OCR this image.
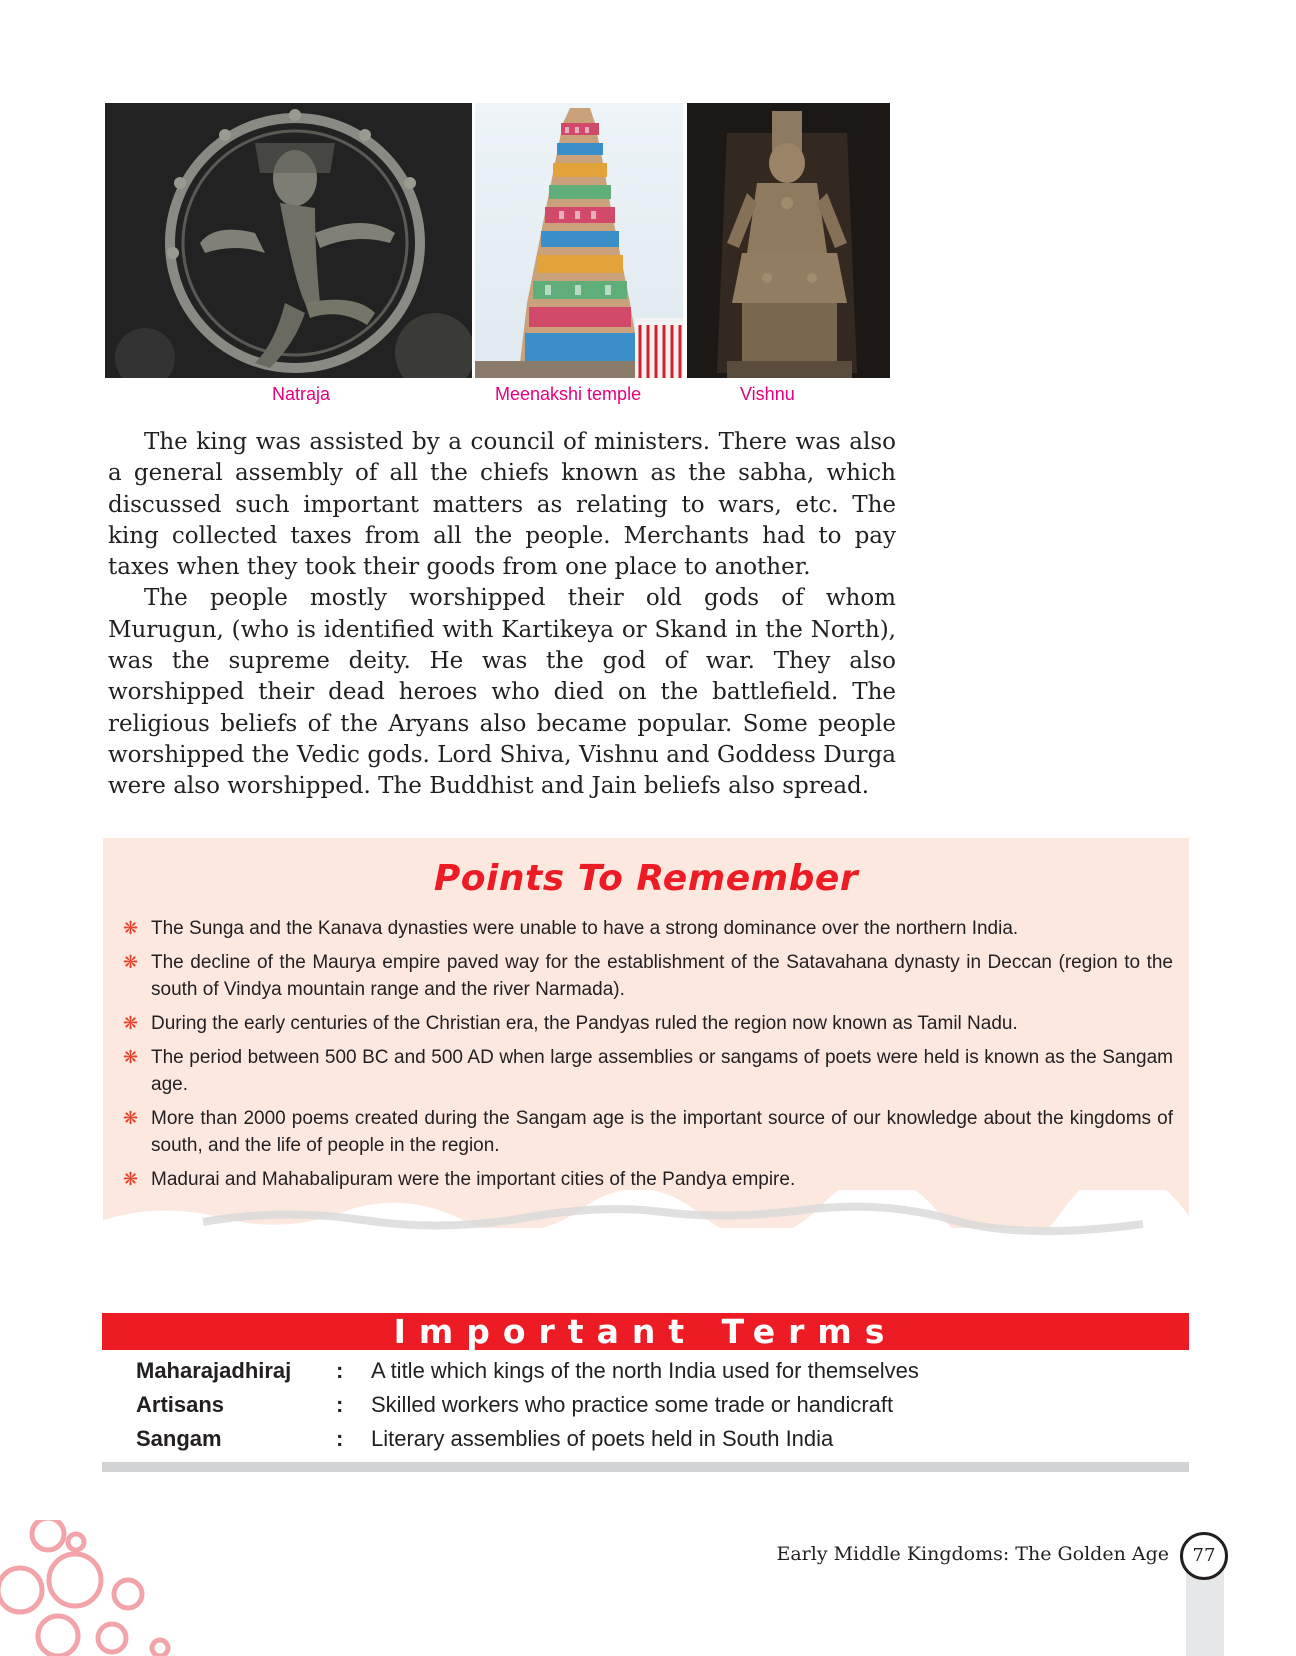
Natraja	Meenakshi temple	Vishnu

The king was assisted by a council of ministers. There was also a general assembly of all the chiefs known as the sabha, which discussed such important matters as relating to wars, etc. The king collected taxes from all the people. Merchants had to pay taxes when they took their goods from one place to another.

The people mostly worshipped their old gods of whom Murugun, (who is identified with Kartikeya or Skand in the North), was the supreme deity. He was the god of war. They also worshipped their dead heroes who died on the battlefield. The religious beliefs of the Aryans also became popular. Some people worshipped the Vedic gods. Lord Shiva, Vishnu and Goddess Durga were also worshipped. The Buddhist and Jain beliefs also spread.

Points To Remember
❋ The Sunga and the Kanava dynasties were unable to have a strong dominance over the northern India.
❋ The decline of the Maurya empire paved way for the establishment of the Satavahana dynasty in Deccan (region to the south of Vindya mountain range and the river Narmada).
❋ During the early centuries of the Christian era, the Pandyas ruled the region now known as Tamil Nadu.
❋ The period between 500 BC and 500 AD when large assemblies or sangams of poets were held is known as the Sangam age.
❋ More than 2000 poems created during the Sangam age is the important source of our knowledge about the kingdoms of south, and the life of people in the region.
❋ Madurai and Mahabalipuram were the important cities of the Pandya empire.
Important Terms
Maharajadhiraj : A title which kings of the north India used for themselves
Artisans	: Skilled workers who practice some trade or handicraft
Sangam	: Literary assemblies of poets held in South India
Early Middle Kingdoms: The Golden Age	77
